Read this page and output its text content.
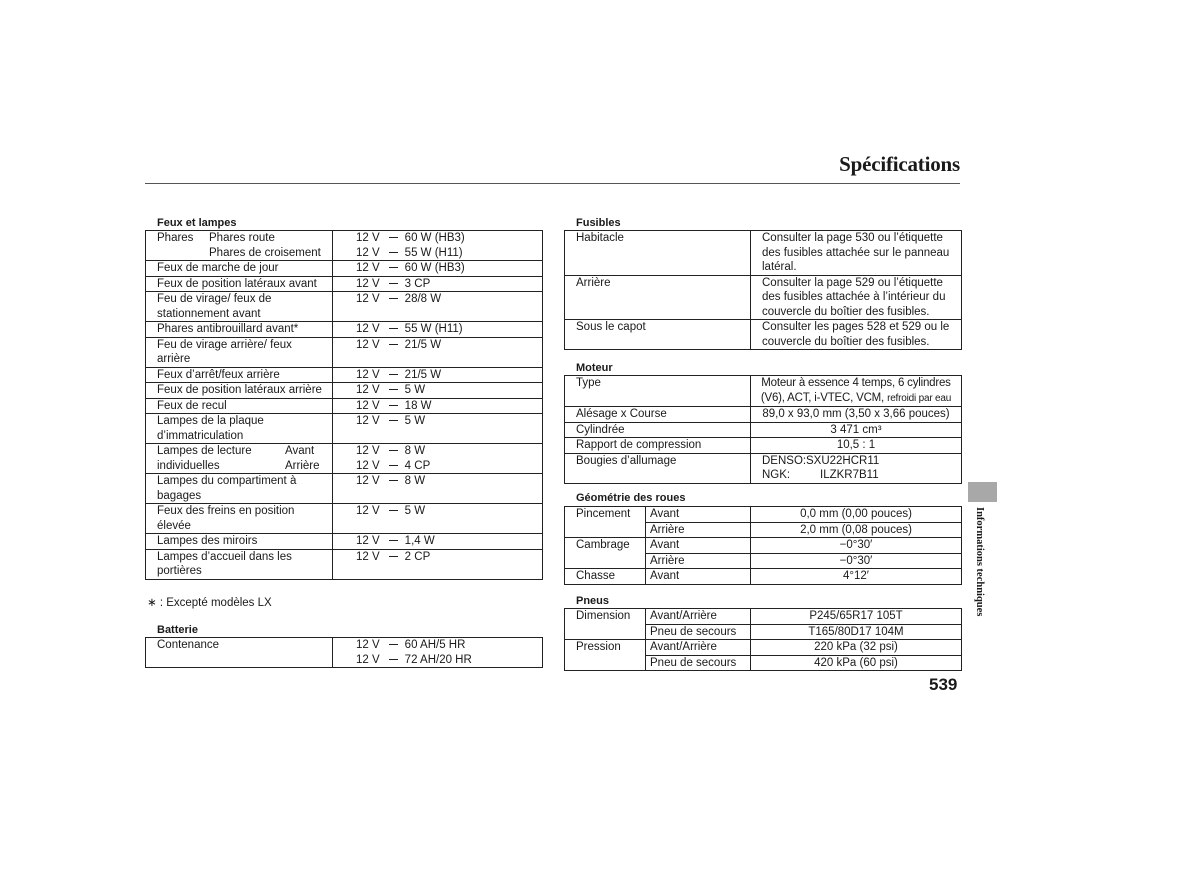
Spécifications
Feux et lampes
Phares Phares route	12 V 60 W (HB3)
Phares de croisement	12 V 55 W (H11)
Feux de marche de jour	12 V 60 W (HB3)
Feux de position latéraux avant	12 V 3 CP
Feu de virage/ feux de stationnement avant	12 V 28/8 W
Phares antibrouillard avant*	12 V 55 W (H11)
Feu de virage arrière/ feux arrière	12 V 21/5 W
Feux d’arrêt/feux arrière	12 V 21/5 W
Feux de position latéraux arrière	12 V 5 W
Feux de recul	12 V 18 W
Lampes de la plaque d’immatriculation	12 V 5 W
Lampes de lecture Avant
individuelles Arrière	12 V 8 W
12 V 4 CP
Lampes du compartiment à bagages	12 V 8 W
Feux des freins en position élevée	12 V 5 W
Lampes des miroirs	12 V 1,4 W
Lampes d’accueil dans les portières	12 V 2 CP
∗ : Excepté modèles LX
Batterie
Contenance	12 V 60 AH/5 HR
12 V 72 AH/20 HR
Fusibles
Habitacle	Consulter la page 530 ou l’étiquette des fusibles attachée sur le panneau latéral.
Arrière	Consulter la page 529 ou l’étiquette des fusibles attachée à l’intérieur du couvercle du boîtier des fusibles.
Sous le capot	Consulter les pages 528 et 529 ou le couvercle du boîtier des fusibles.
Moteur
Type	Moteur à essence 4 temps, 6 cylindres
(V6), ACT, i-VTEC, VCM, refroidi par eau
Alésage x Course	89,0 x 93,0 mm (3,50 x 3,66 pouces)
Cylindrée	3 471 cm³
Rapport de compression	10,5 : 1
Bougies d’allumage	DENSO:SXU22HCR11
NGK: ILZKR7B11
Géométrie des roues
Pincement	Avant	0,0 mm (0,00 pouces)
	Arrière	2,0 mm (0,08 pouces)
Cambrage	Avant	−0°30′
	Arrière	−0°30′
Chasse	Avant	4°12′
Pneus
Dimension	Avant/Arrière	P245/65R17 105T
	Pneu de secours	T165/80D17 104M
Pression	Avant/Arrière	220 kPa (32 psi)
	Pneu de secours	420 kPa (60 psi)
Informations techniques
539
